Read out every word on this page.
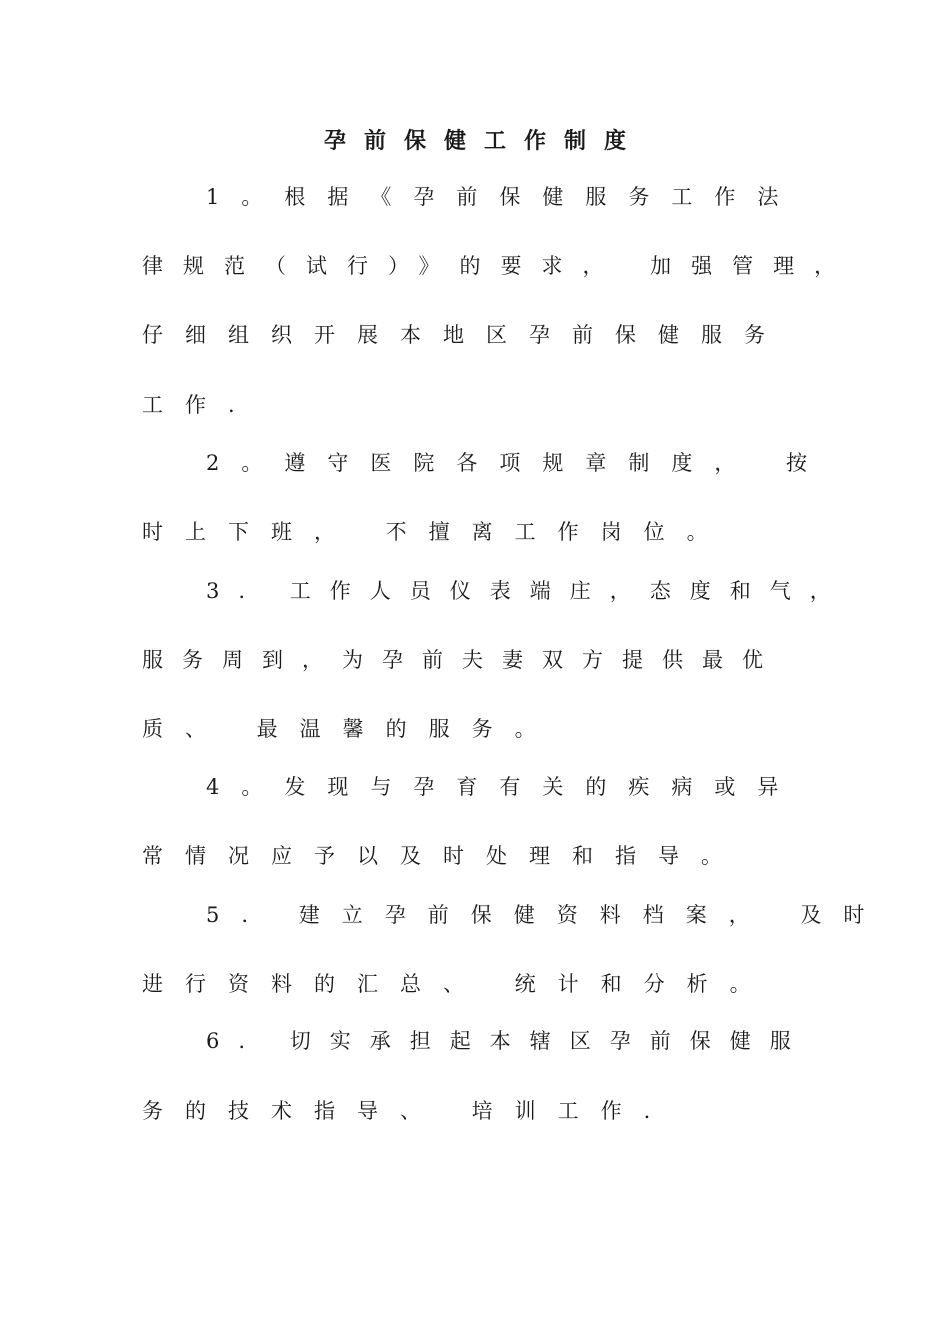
孕前保健工作制度
1。根据《孕前保健服务工作法
律规范（试行）》的要求， 加强管理，
仔细组织开展本地区孕前保健服务
工作.
2。遵守医院各项规章制度， 按
时上下班， 不擅离工作岗位。
3. 工作人员仪表端庄，态度和气，
服务周到，为孕前夫妻双方提供最优
质、 最温馨的服务。
4。发现与孕育有关的疾病或异
常情况应予以及时处理和指导。
5. 建立孕前保健资料档案， 及时
进行资料的汇总、 统计和分析。
6. 切实承担起本辖区孕前保健服
务的技术指导、 培训工作.
